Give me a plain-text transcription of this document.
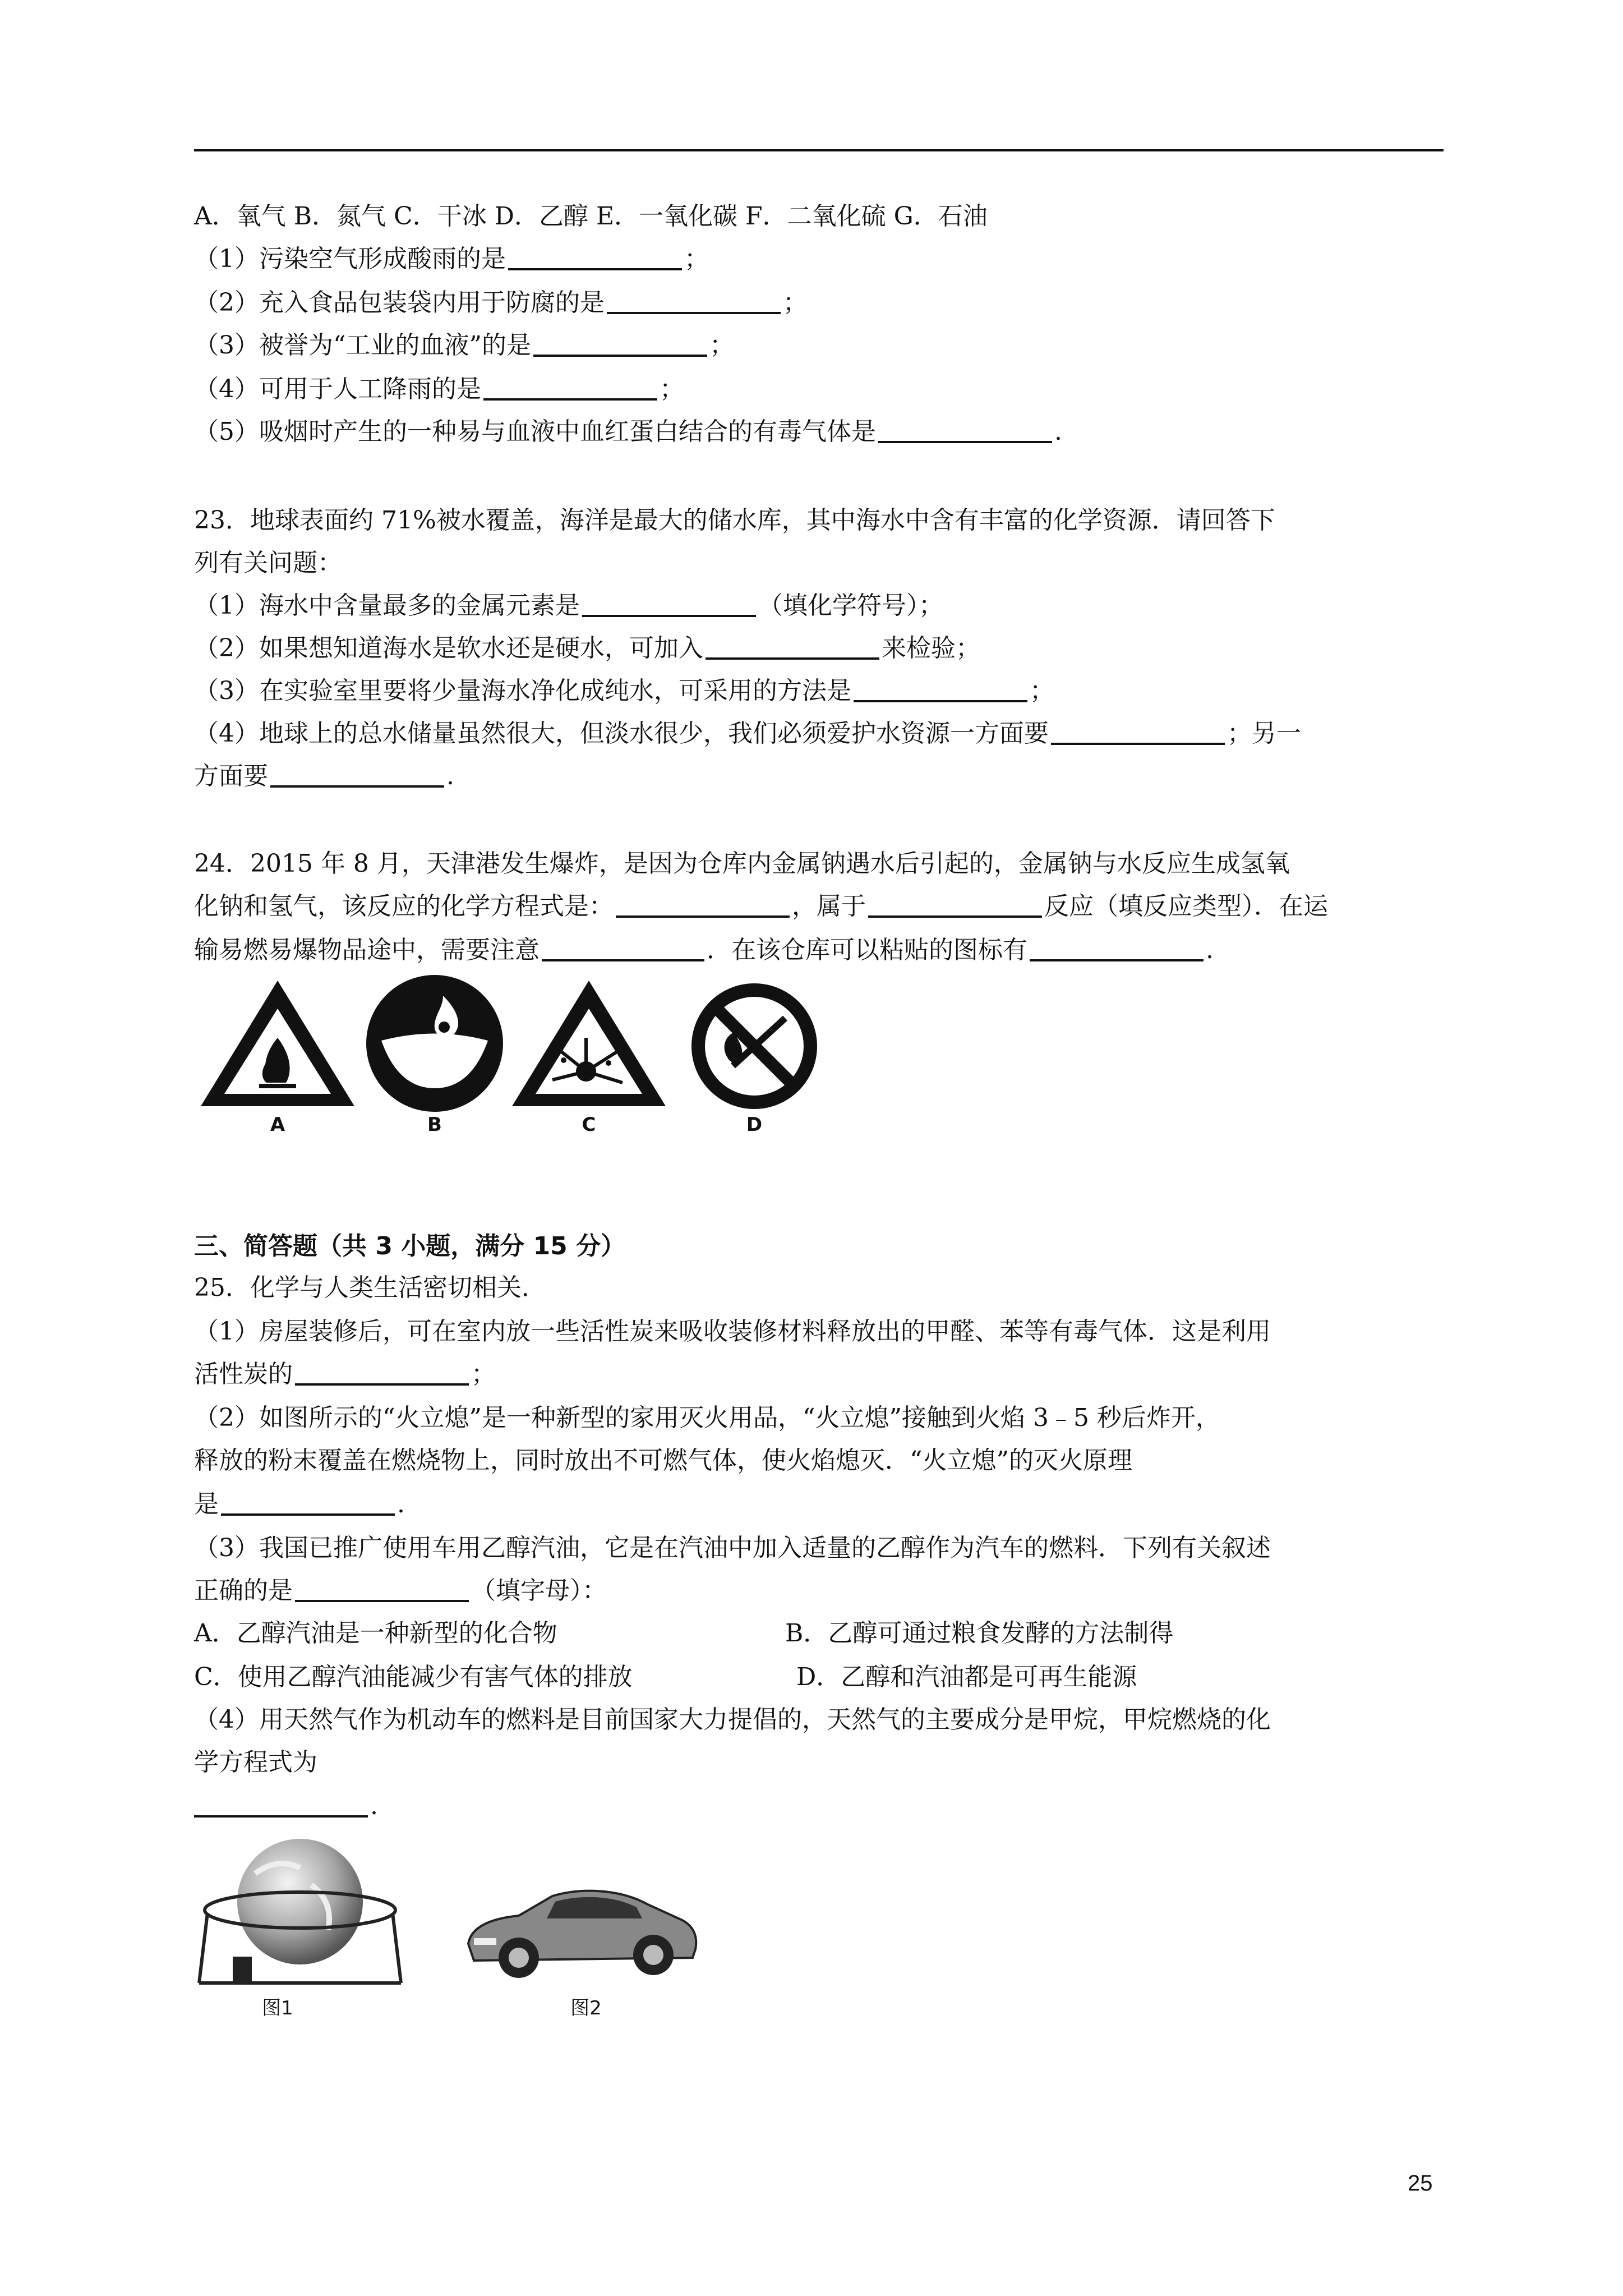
A．氧气 B．氮气 C．干冰 D．乙醇 E．一氧化碳 F．二氧化硫 G．石油
（1）污染空气形成酸雨的是	；
（2）充入食品包装袋内用于防腐的是	；
（3）被誉为“工业的血液”的是	；
（4）可用于人工降雨的是	；
（5）吸烟时产生的一种易与血液中血红蛋白结合的有毒气体是	.
23．地球表面约 71%被水覆盖，海洋是最大的储水库，其中海水中含有丰富的化学资源．请回答下
列有关问题：
（1）海水中含量最多的金属元素是	（填化学符号）；
（2）如果想知道海水是软水还是硬水，可加入	来检验；
（3）在实验室里要将少量海水净化成纯水，可采用的方法是	；
（4）地球上的总水储量虽然很大，但淡水很少，我们必须爱护水资源一方面要	；另一
方面要	.
24．2015 年 8 月，天津港发生爆炸，是因为仓库内金属钠遇水后引起的，金属钠与水反应生成氢氧
化钠和氢气，该反应的化学方程式是：	，属于	反应（填反应类型）．在运
输易燃易爆物品途中，需要注意	．在该仓库可以粘贴的图标有	.
A	B	C	D
三、简答题（共 3 小题，满分 15 分）
25．化学与人类生活密切相关．
（1）房屋装修后，可在室内放一些活性炭来吸收装修材料释放出的甲醛、苯等有毒气体．这是利用
活性炭的	；
（2）如图所示的“火立熄”是一种新型的家用灭火用品，“火立熄”接触到火焰 3﹣5 秒后炸开，
释放的粉末覆盖在燃烧物上，同时放出不可燃气体，使火焰熄灭．“火立熄”的灭火原理
是	.
（3）我国已推广使用车用乙醇汽油，它是在汽油中加入适量的乙醇作为汽车的燃料．下列有关叙述
正确的是	（填字母）：
A．乙醇汽油是一种新型的化合物	B．乙醇可通过粮食发酵的方法制得
C．使用乙醇汽油能减少有害气体的排放	D．乙醇和汽油都是可再生能源
（4）用天然气作为机动车的燃料是目前国家大力提倡的，天然气的主要成分是甲烷，甲烷燃烧的化
学方程式为
.
图1	图2
25
